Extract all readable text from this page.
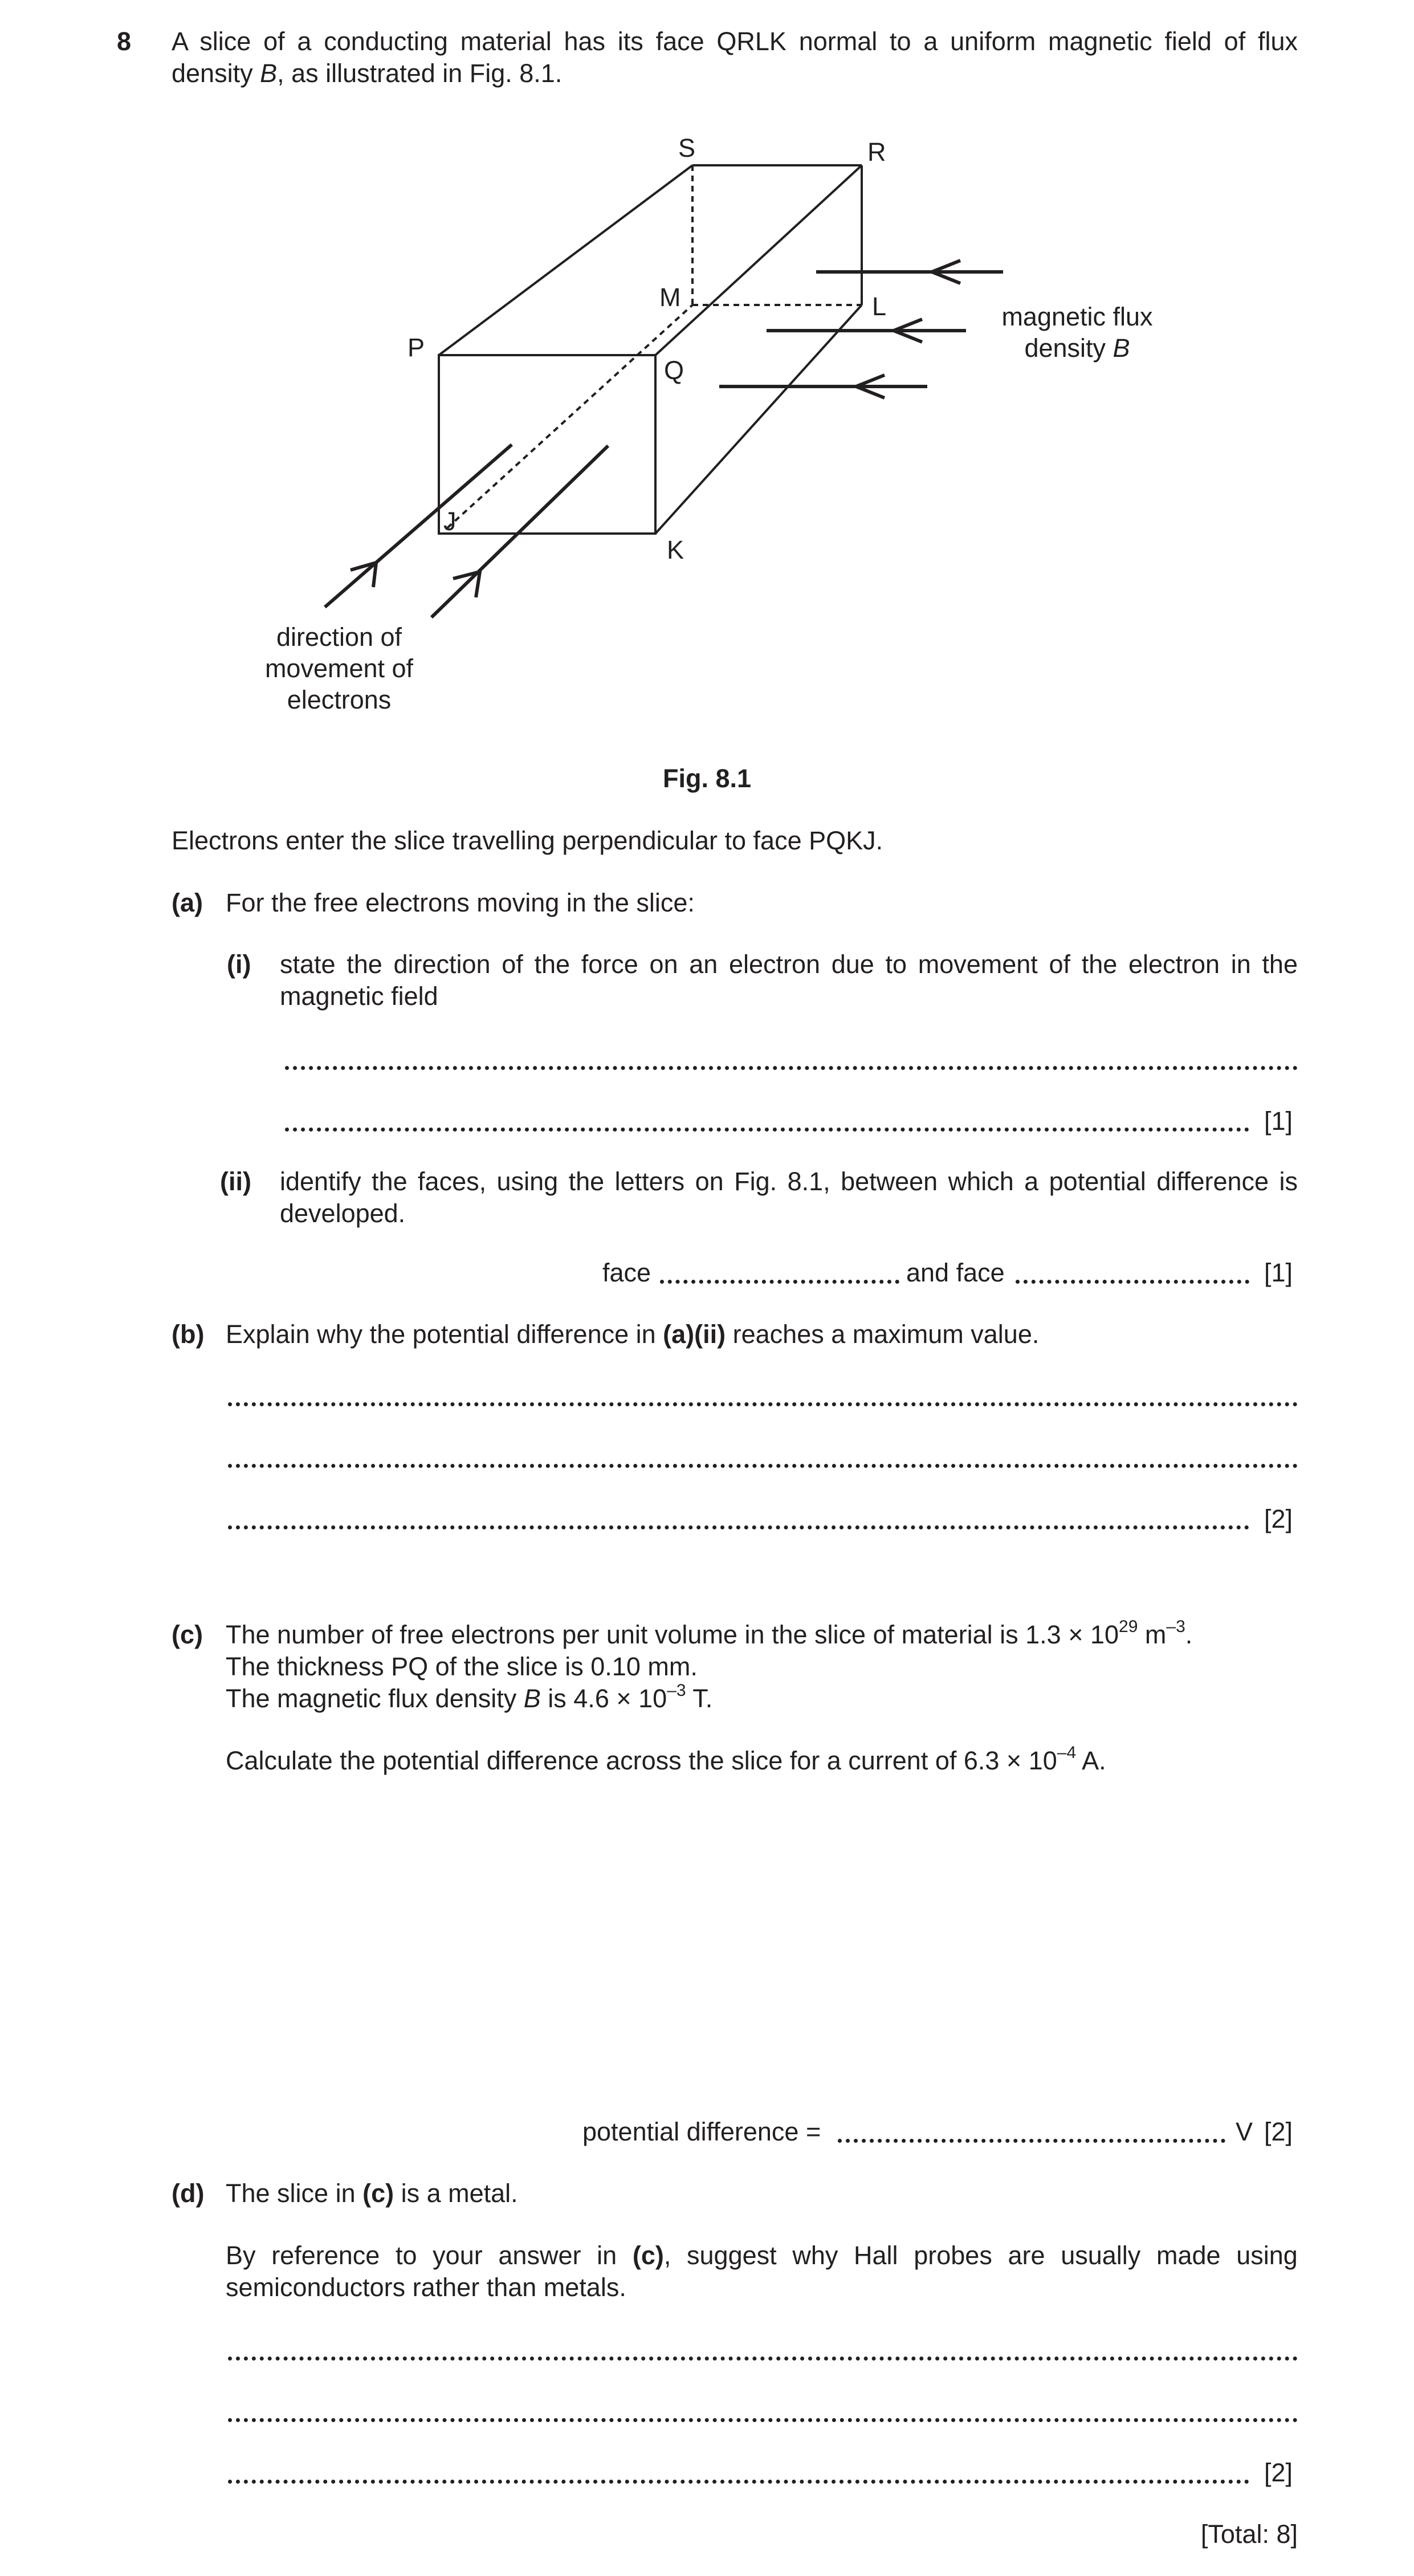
8 A slice of a conducting material has its face QRLK normal to a uniform magnetic field of flux
density B, as illustrated in Fig. 8.1.
S	R
M	L
P
Q
J
K
magnetic flux
density B
direction of
movement of
electrons
Fig. 8.1
Electrons enter the slice travelling perpendicular to face PQKJ.
(a) For the free electrons moving in the slice:
(i) state the direction of the force on an electron due to movement of the electron in the
magnetic field
[1]
(ii) identify the faces, using the letters on Fig. 8.1, between which a potential difference is
developed.
face	and face	[1]
(b) Explain why the potential difference in (a)(ii) reaches a maximum value.
[2]
(c) The number of free electrons per unit volume in the slice of material is $1.3 \times 10^{29}$ $m^{-3}$.
The thickness PQ of the slice is 0.10 mm.
The magnetic flux density B is $4.6 \times 10^{-3}$ T.
Calculate the potential difference across the slice for a current of $6.3 \times 10^{-4}$ A.
potential difference =	V [2]
(d) The slice in (c) is a metal.
By reference to your answer in (c), suggest why Hall probes are usually made using
semiconductors rather than metals.
[2]
[Total: 8]
